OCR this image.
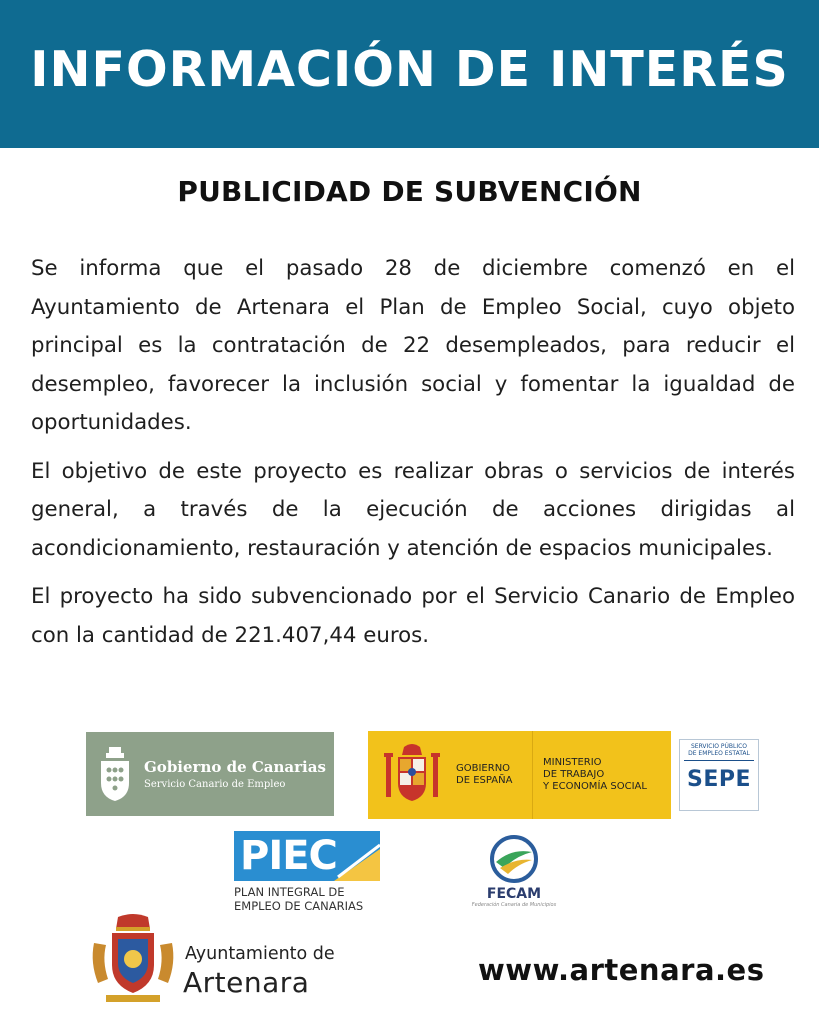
INFORMACIÓN DE INTERÉS
PUBLICIDAD DE SUBVENCIÓN

Se informa que el pasado 28 de diciembre comenzó en el Ayuntamiento de Artenara el Plan de Empleo Social, cuyo objeto principal es la contratación de 22 desempleados, para reducir el desempleo, favorecer la inclusión social y fomentar la igualdad de oportunidades.

El objetivo de este proyecto es realizar obras o servicios de interés general, a través de la ejecución de acciones dirigidas al acondicionamiento, restauración y atención de espacios municipales.

El proyecto ha sido subvencionado por el Servicio Canario de Empleo con la cantidad de 221.407,44 euros.

Gobierno de Canarias
Servicio Canario de Empleo
GOBIERNO
DE ESPAÑA
MINISTERIO
DE TRABAJO
Y ECONOMÍA SOCIAL
SERVICIO PÚBLICO
DE EMPLEO ESTATAL
SEPE
PIEC
PLAN INTEGRAL DE
EMPLEO DE CANARIAS
FECAM
Federación Canaria de Municipios
Ayuntamiento de
Artenara	www.artenara.es
